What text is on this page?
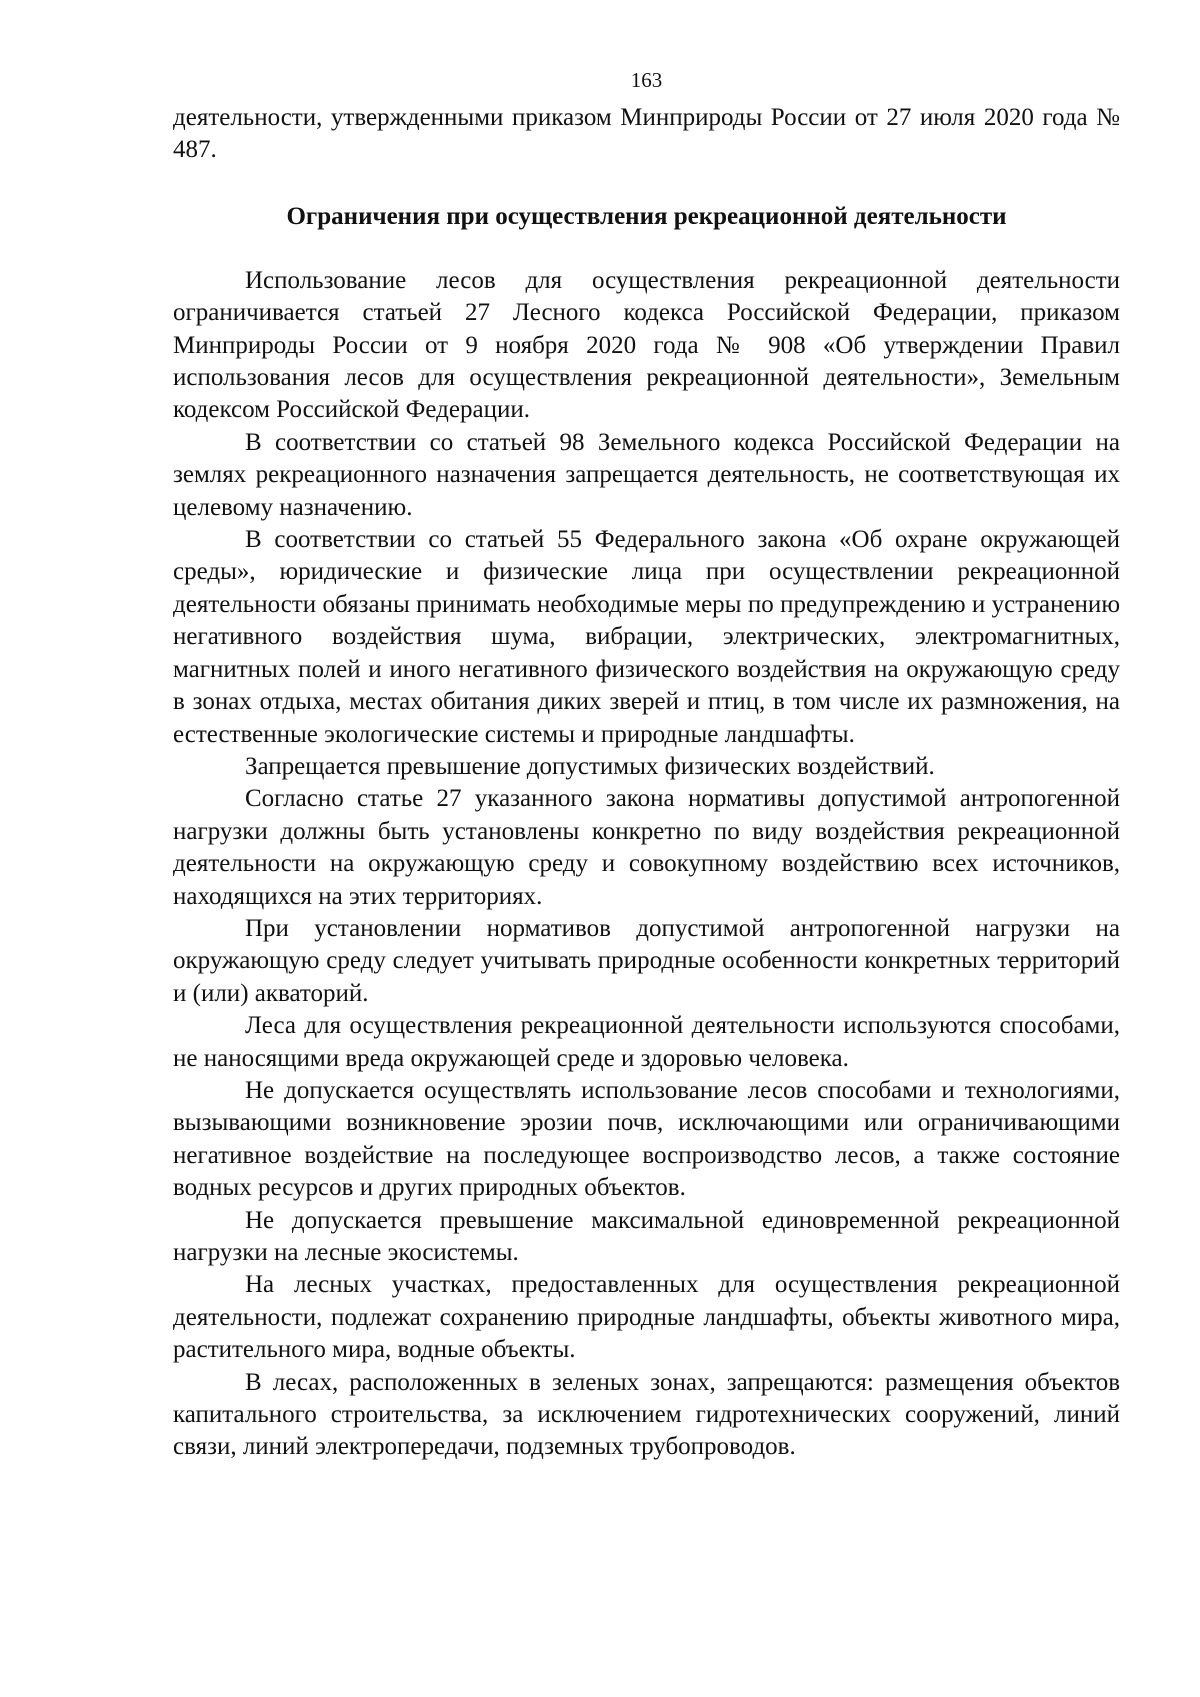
163

деятельности, утвержденными приказом Минприроды России от 27 июля 2020 года № 487.

Ограничения при осуществления рекреационной деятельности

Использование лесов для осуществления рекреационной деятельности ограничивается статьей 27 Лесного кодекса Российской Федерации, приказом Минприроды России от 9 ноября 2020 года № 908 «Об утверждении Правил использования лесов для осуществления рекреационной деятельности», Земельным кодексом Российской Федерации.

В соответствии со статьей 98 Земельного кодекса Российской Федерации на землях рекреационного назначения запрещается деятельность, не соответствующая их целевому назначению.

В соответствии со статьей 55 Федерального закона «Об охране окружающей среды», юридические и физические лица при осуществлении рекреационной деятельности обязаны принимать необходимые меры по предупреждению и устранению негативного воздействия шума, вибрации, электрических, электромагнитных, магнитных полей и иного негативного физического воздействия на окружающую среду в зонах отдыха, местах обитания диких зверей и птиц, в том числе их размножения, на естественные экологические системы и природные ландшафты.

Запрещается превышение допустимых физических воздействий.

Согласно статье 27 указанного закона нормативы допустимой антропогенной нагрузки должны быть установлены конкретно по виду воздействия рекреационной деятельности на окружающую среду и совокупному воздействию всех источников, находящихся на этих территориях.

При установлении нормативов допустимой антропогенной нагрузки на окружающую среду следует учитывать природные особенности конкретных территорий и (или) акваторий.

Леса для осуществления рекреационной деятельности используются способами, не наносящими вреда окружающей среде и здоровью человека.

Не допускается осуществлять использование лесов способами и технологиями, вызывающими возникновение эрозии почв, исключающими или ограничивающими негативное воздействие на последующее воспроизводство лесов, а также состояние водных ресурсов и других природных объектов.

Не допускается превышение максимальной единовременной рекреационной нагрузки на лесные экосистемы.

На лесных участках, предоставленных для осуществления рекреационной деятельности, подлежат сохранению природные ландшафты, объекты животного мира, растительного мира, водные объекты.

В лесах, расположенных в зеленых зонах, запрещаются: размещения объектов капитального строительства, за исключением гидротехнических сооружений, линий связи, линий электропередачи, подземных трубопроводов.
